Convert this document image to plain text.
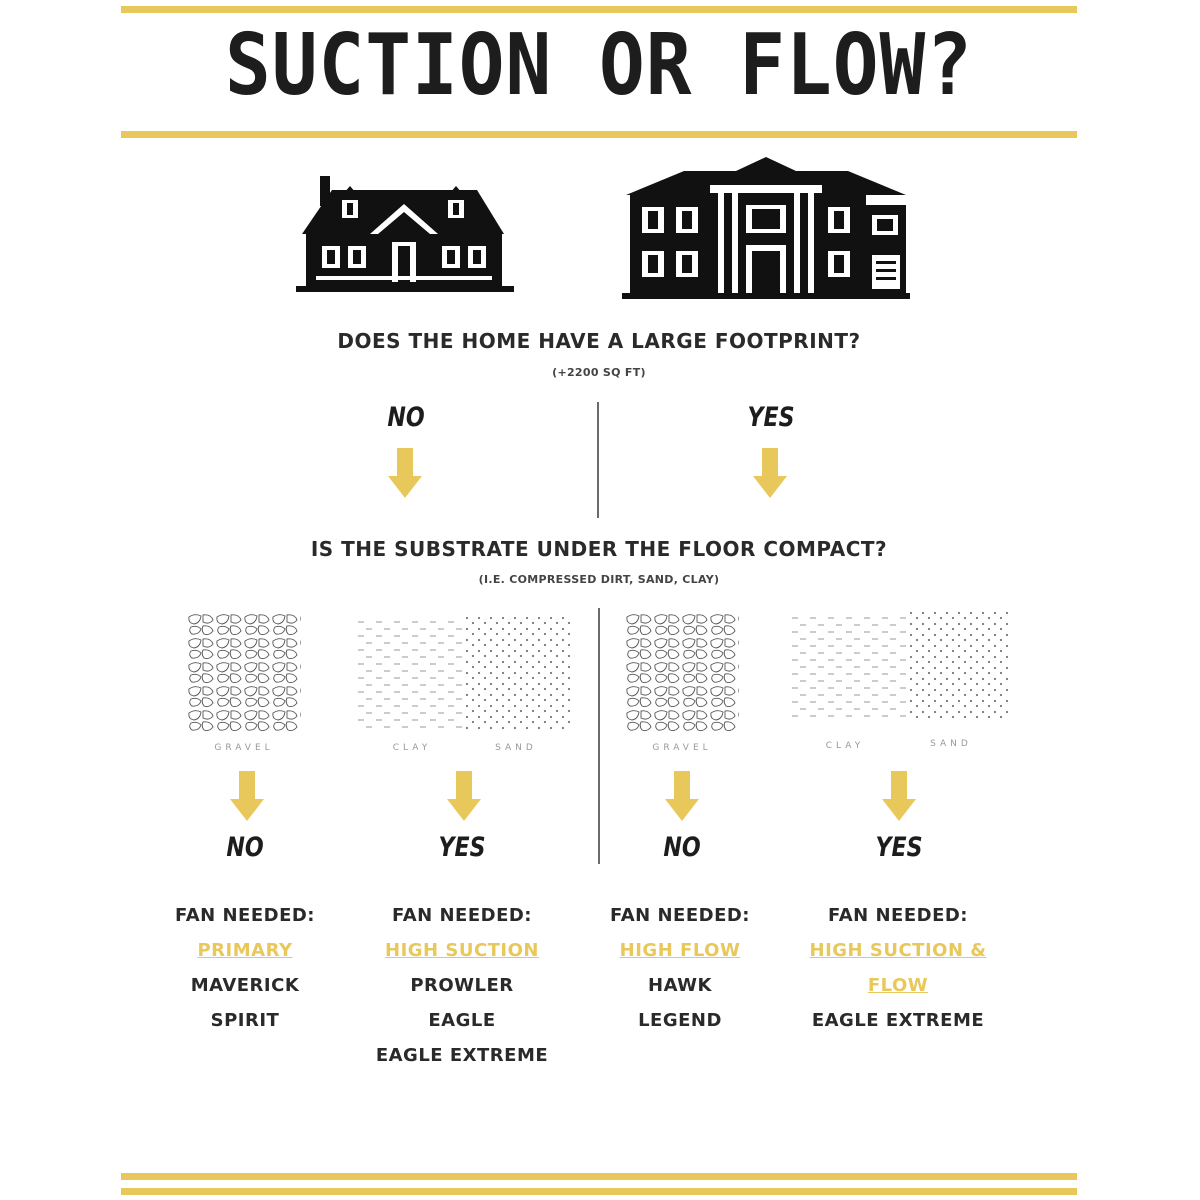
SUCTION OR FLOW?
DOES THE HOME HAVE A LARGE FOOTPRINT?
(+2200 SQ FT)
NO	YES
IS THE SUBSTRATE UNDER THE FLOOR COMPACT?
(I.E. COMPRESSED DIRT, SAND, CLAY)
GRAVEL	CLAY	SAND	GRAVEL	CLAY	SAND
NO	YES	NO	YES
FAN NEEDED:
PRIMARY
MAVERICK
SPIRIT
FAN NEEDED:
HIGH SUCTION
PROWLER
EAGLE
EAGLE EXTREME
FAN NEEDED:
HIGH FLOW
HAWK
LEGEND
FAN NEEDED:
HIGH SUCTION & FLOW
EAGLE EXTREME
